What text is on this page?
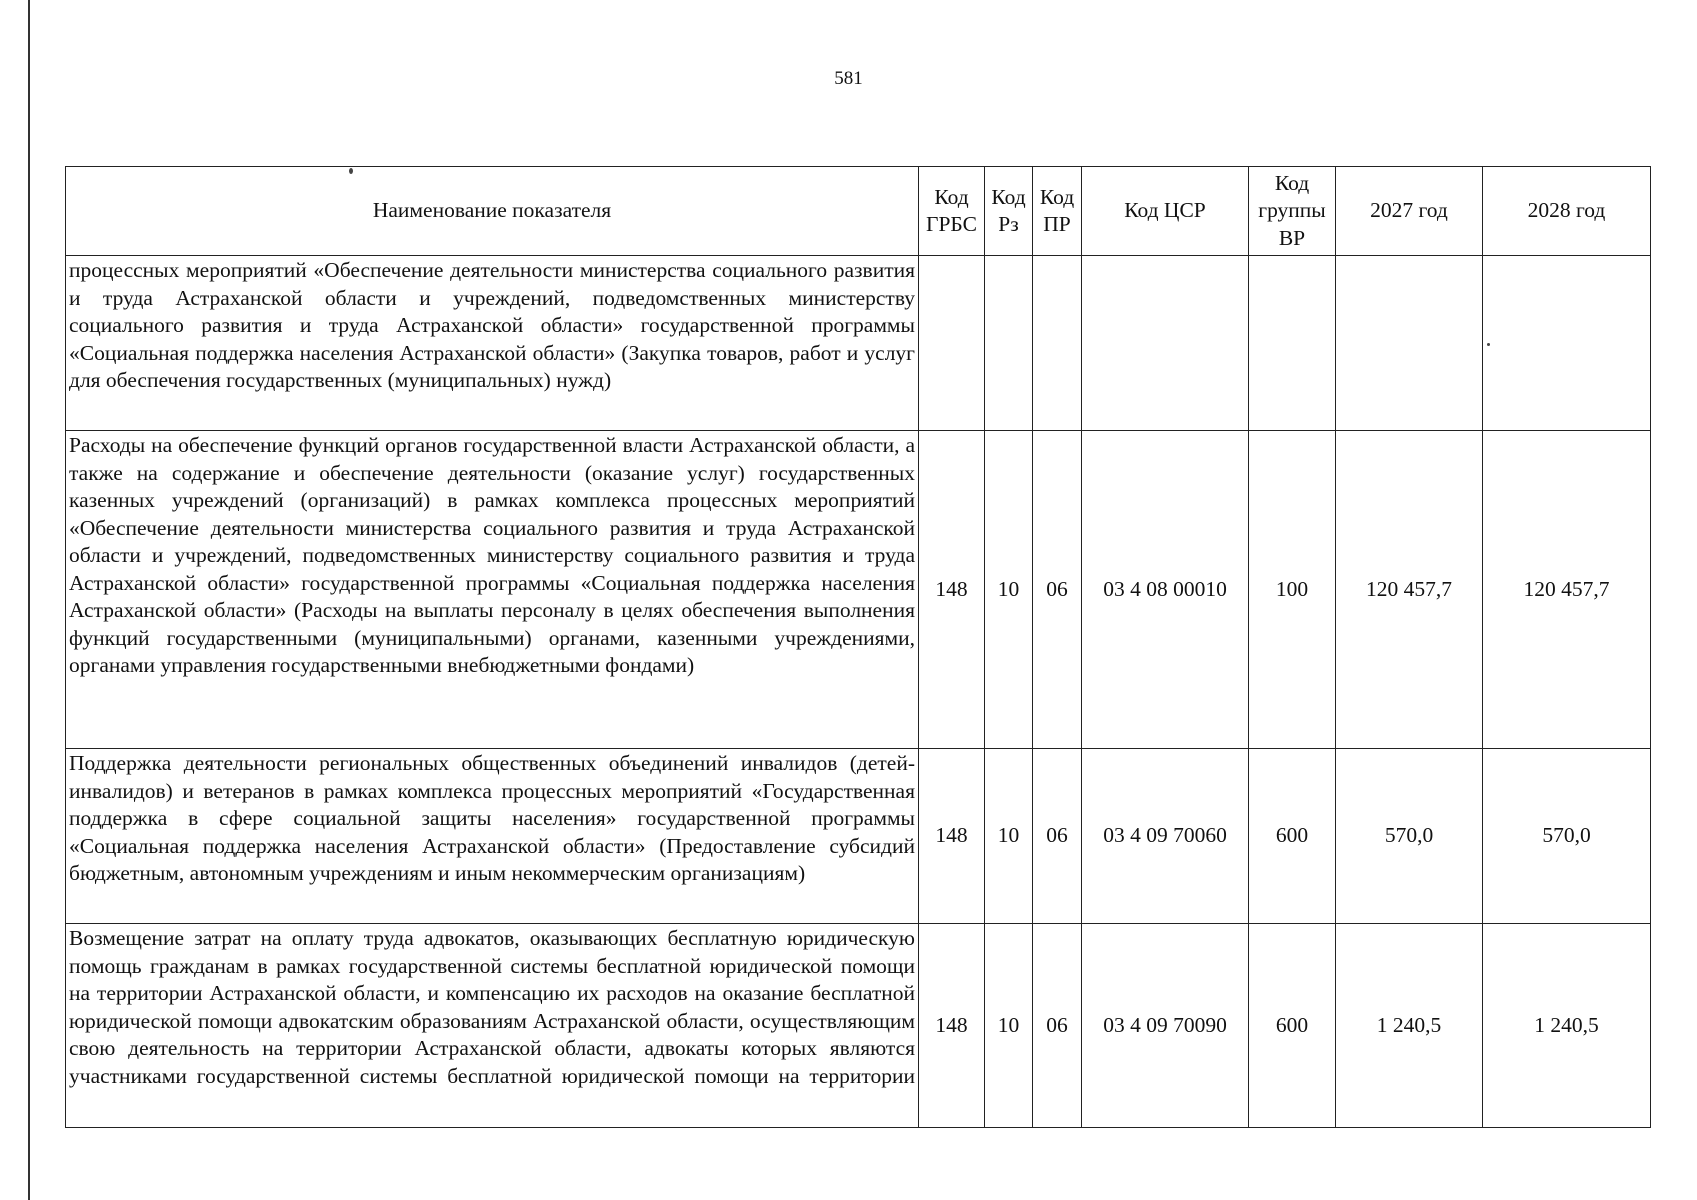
581
Наименование показателя	Код ГРБС	Код Рз	Код ПР	Код ЦСР	Код группы ВР	2027 год	2028 год
процессных мероприятий «Обеспечение деятельности министерства социального развития и труда Астраханской области и учреждений, подведомственных министерству социального развития и труда Астраханской области» государственной программы «Социальная поддержка населения Астраханской области» (Закупка товаров, работ и услуг для обеспечения государственных (муниципальных) нужд)							
Расходы на обеспечение функций органов государственной власти Астраханской области, а также на содержание и обеспечение деятельности (оказание услуг) государственных казенных учреждений (организаций) в рамках комплекса процессных мероприятий «Обеспечение деятельности министерства социального развития и труда Астраханской области и учреждений, подведомственных министерству социального развития и труда Астраханской области» государственной программы «Социальная поддержка населения Астраханской области» (Расходы на выплаты персоналу в целях обеспечения выполнения функций государственными (муниципальными) органами, казенными учреждениями, органами управления государственными внебюджетными фондами)	148	10	06	03 4 08 00010	100	120 457,7	120 457,7
Поддержка деятельности региональных общественных объединений инвалидов (детей-инвалидов) и ветеранов в рамках комплекса процессных мероприятий «Государственная поддержка в сфере социальной защиты населения» государственной программы «Социальная поддержка населения Астраханской области» (Предоставление субсидий бюджетным, автономным учреждениям и иным некоммерческим организациям)	148	10	06	03 4 09 70060	600	570,0	570,0
Возмещение затрат на оплату труда адвокатов, оказывающих бесплатную юридическую помощь гражданам в рамках государственной системы бесплатной юридической помощи на территории Астраханской области, и компенсацию их расходов на оказание бесплатной юридической помощи адвокатским образованиям Астраханской области, осуществляющим свою деятельность на территории Астраханской области, адвокаты которых являются участниками государственной системы бесплатной юридической помощи на территории	148	10	06	03 4 09 70090	600	1 240,5	1 240,5
